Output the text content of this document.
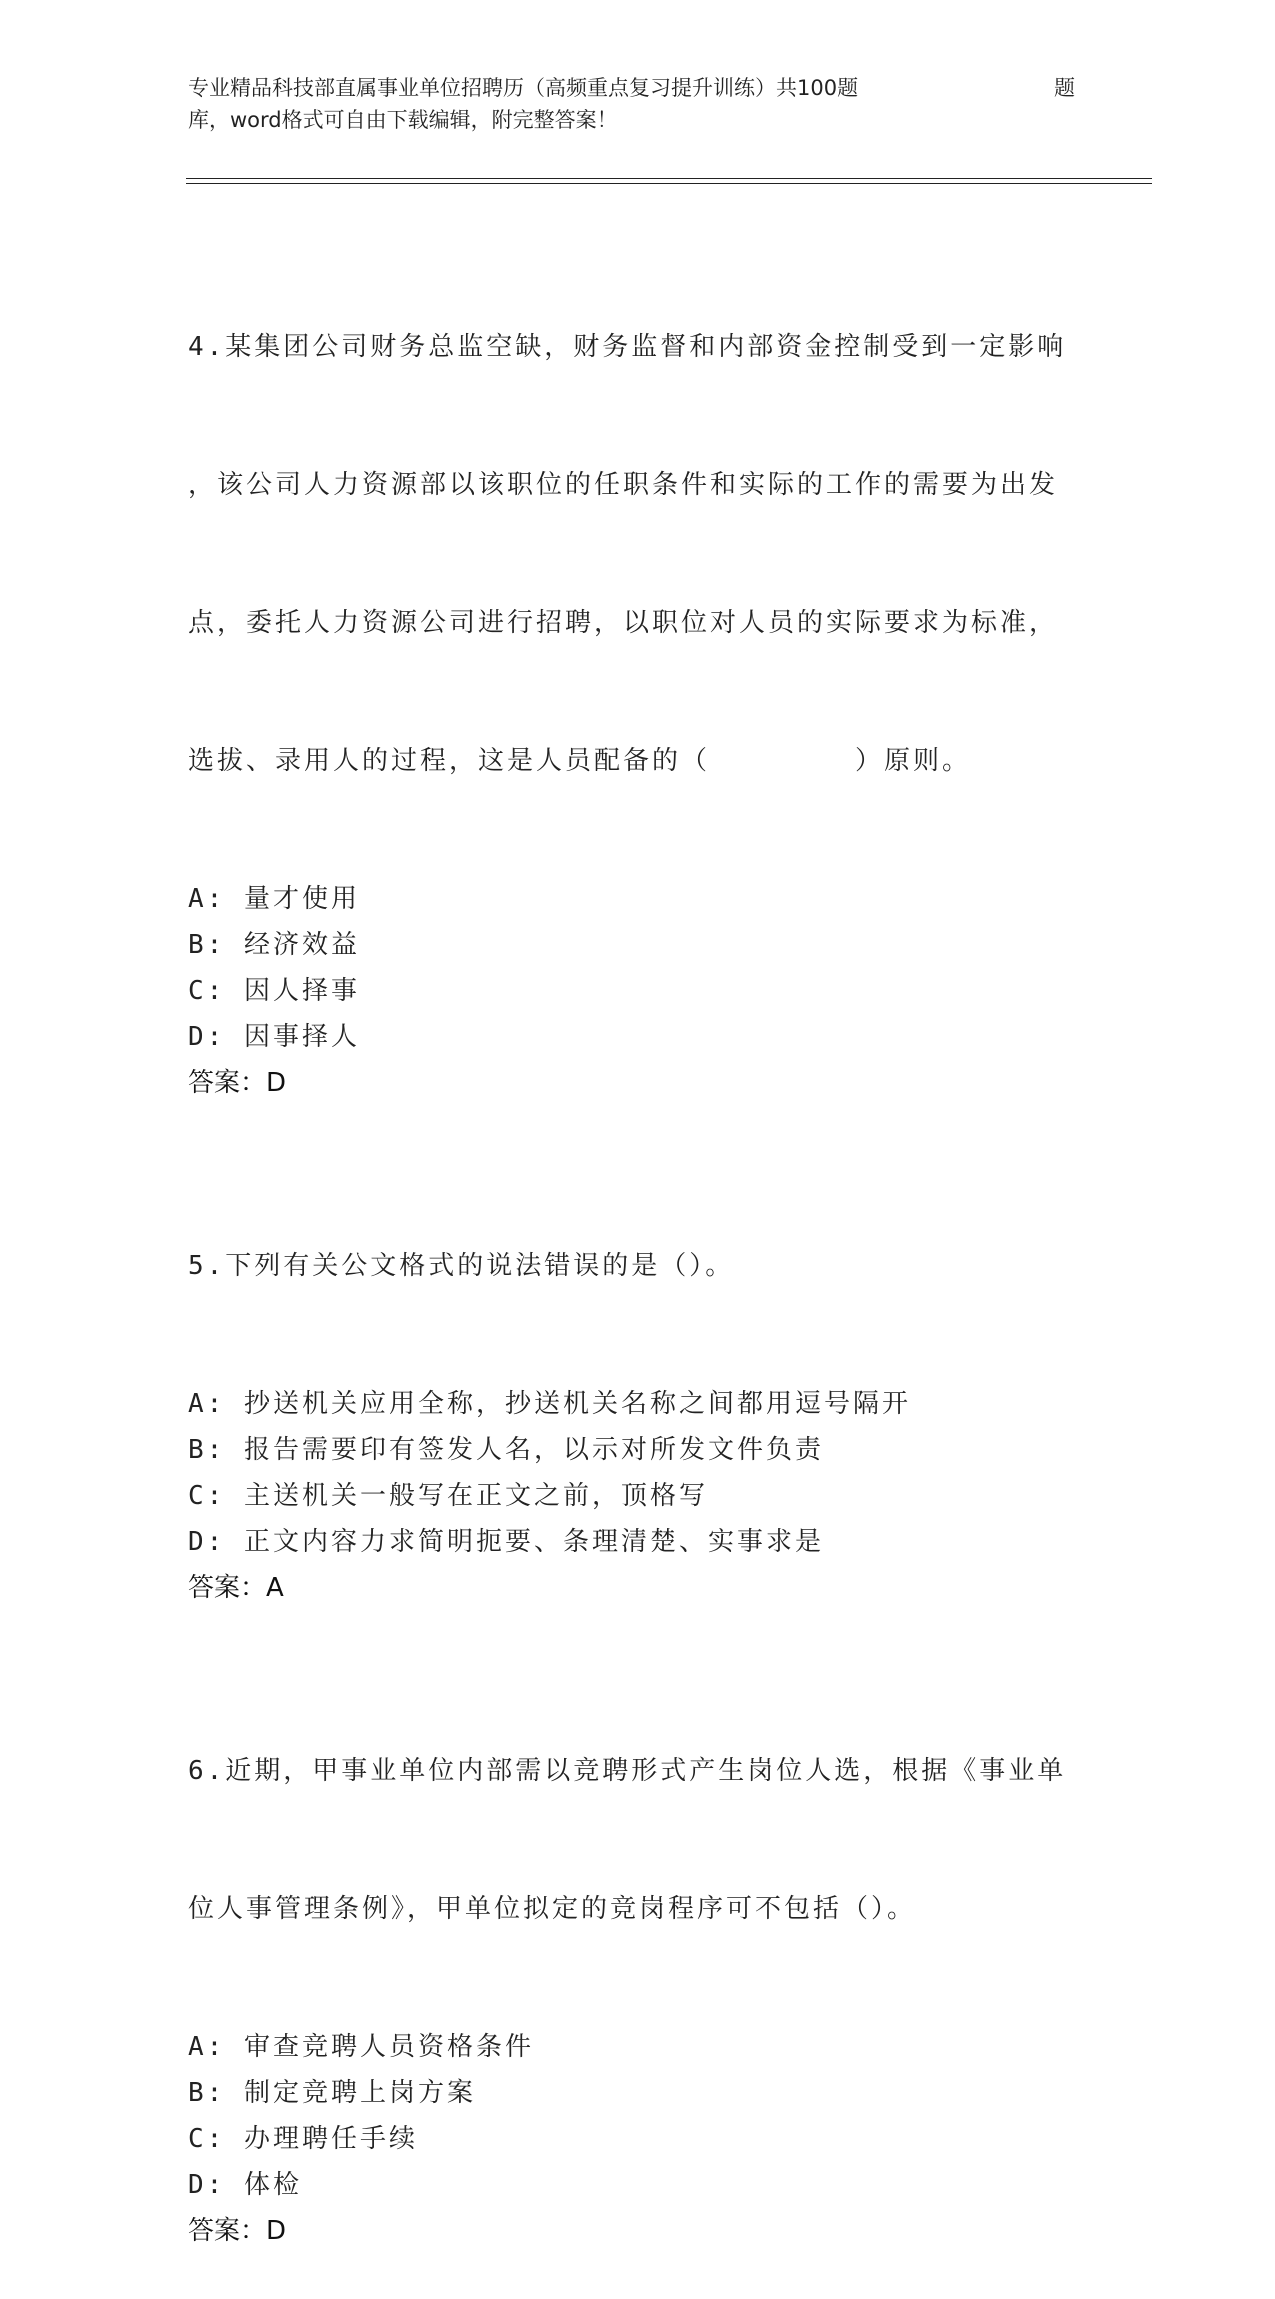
专业精品科技部直属事业单位招聘历（高频重点复习提升训练）共100题
库，word格式可自由下载编辑，附完整答案！
题

4.某集团公司财务总监空缺，财务监督和内部资金控制受到一定影响

，该公司人力资源部以该职位的任职条件和实际的工作的需要为出发

点，委托人力资源公司进行招聘，以职位对人员的实际要求为标准，

选拔、录用人的过程，这是人员配备的（　　　　　）原则。

A: 量才使用
B: 经济效益
C: 因人择事
D: 因事择人
答案：D

5.下列有关公文格式的说法错误的是（）。

A: 抄送机关应用全称，抄送机关名称之间都用逗号隔开
B: 报告需要印有签发人名，以示对所发文件负责
C: 主送机关一般写在正文之前，顶格写
D: 正文内容力求简明扼要、条理清楚、实事求是
答案：A

6.近期，甲事业单位内部需以竞聘形式产生岗位人选，根据《事业单

位人事管理条例》，甲单位拟定的竞岗程序可不包括（）。

A: 审查竞聘人员资格条件
B: 制定竞聘上岗方案
C: 办理聘任手续
D: 体检
答案：D
